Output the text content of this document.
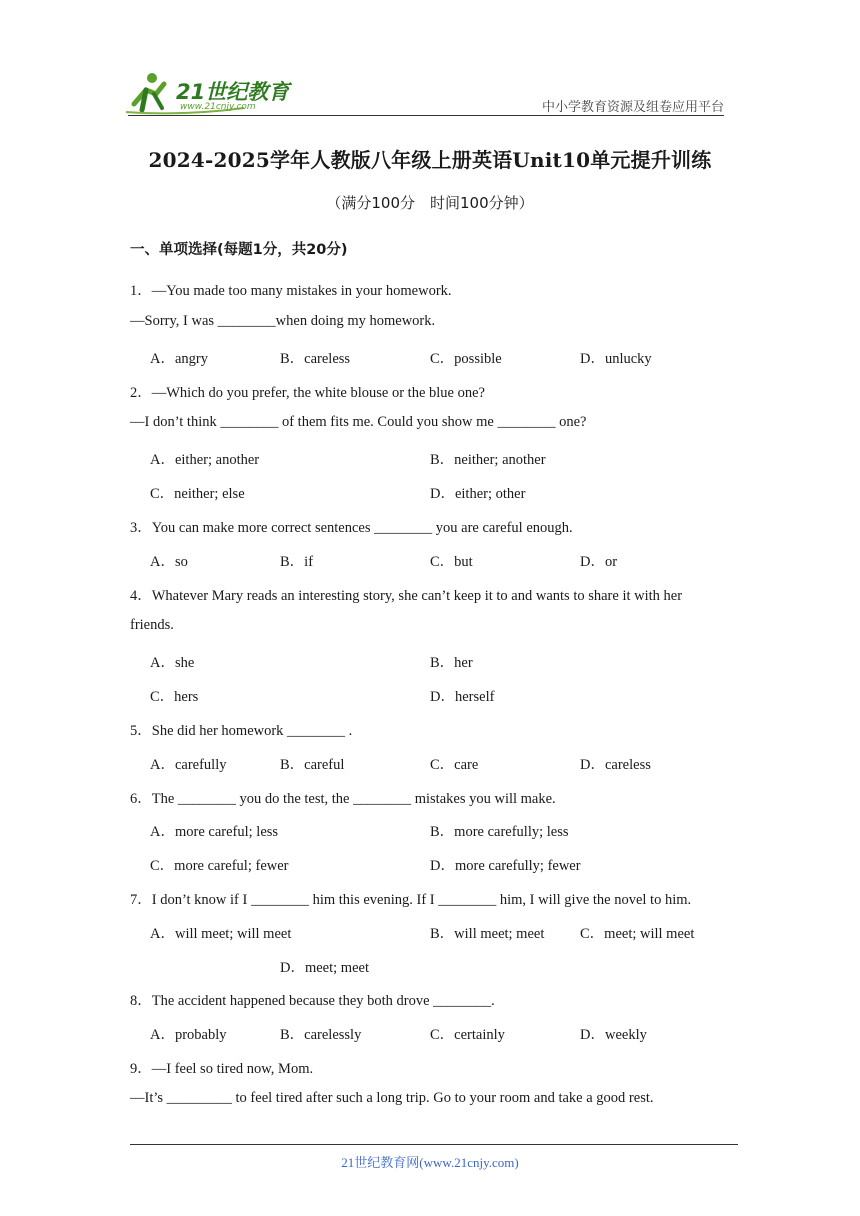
21世纪教育
www.21cnjy.com	中小学教育资源及组卷应用平台
2024-2025学年人教版八年级上册英语Unit10单元提升训练
（满分100分　时间100分钟）
一、单项选择(每题1分，共20分)
1．—You made too many mistakes in your homework.
—Sorry, I was ________when doing my homework.
A．angry	B．careless	C．possible	D．unlucky
2．—Which do you prefer, the white blouse or the blue one?
—I don’t think ________ of them fits me. Could you show me ________ one?
A．either; another	B．neither; another
C．neither; else	D．either; other
3．You can make more correct sentences ________ you are careful enough.
A．so	B．if	C．but	D．or
4．Whatever Mary reads an interesting story, she can’t keep it to and wants to share it with her
friends.
A．she	B．her
C．hers	D．herself
5．She did her homework ________ .
A．carefully	B．careful	C．care	D．careless
6．The ________ you do the test, the ________ mistakes you will make.
A．more careful; less	B．more carefully; less
C．more careful; fewer	D．more carefully; fewer
7．I don’t know if I ________ him this evening. If I ________ him, I will give the novel to him.
A．will meet; will meet	B．will meet; meet C．meet; will meet
D．meet; meet
8．The accident happened because they both drove ________.
A．probably	B．carelessly	C．certainly	D．weekly
9．—I feel so tired now, Mom.
—It’s _________ to feel tired after such a long trip. Go to your room and take a good rest.
21世纪教育网(www.21cnjy.com)
